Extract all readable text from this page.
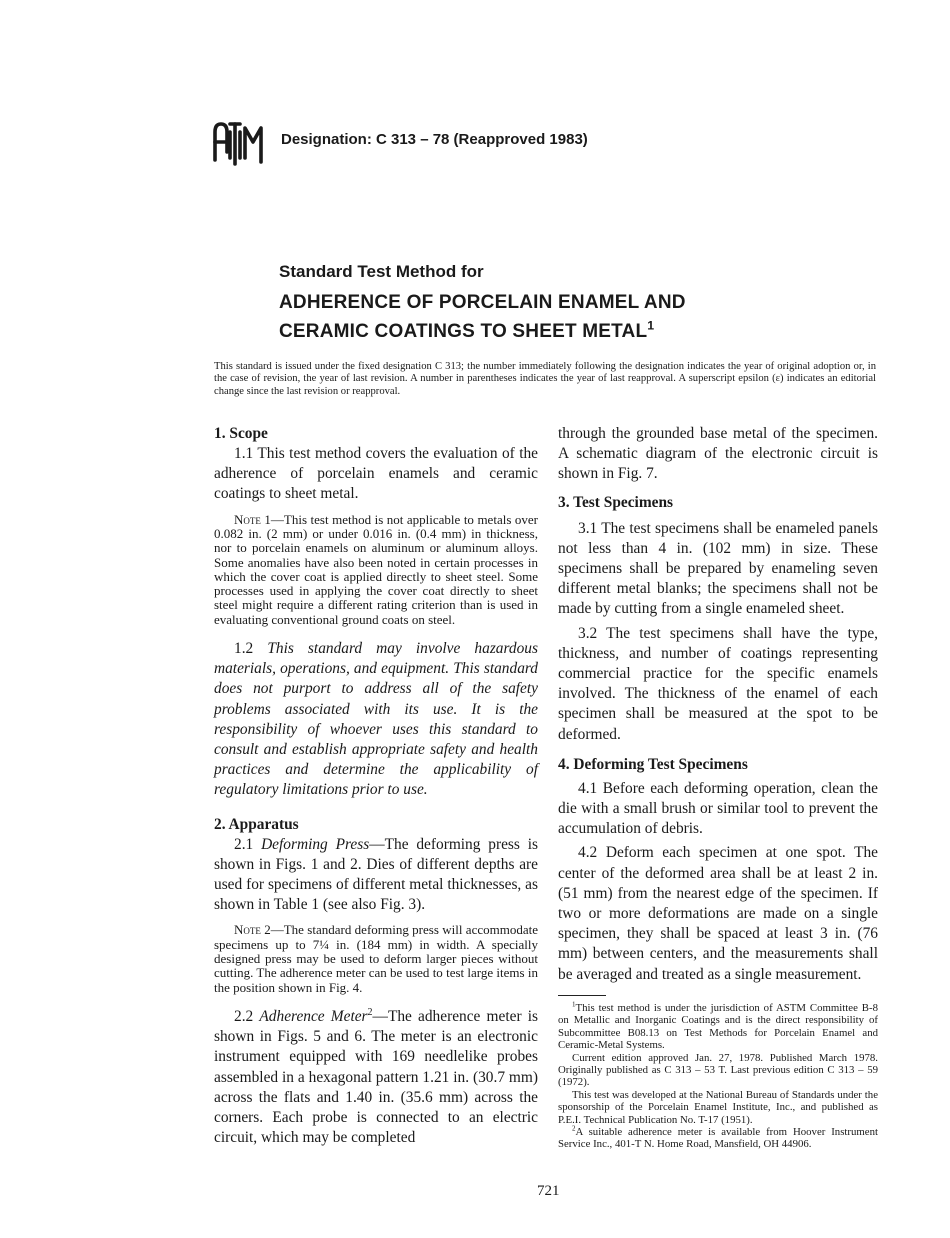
Designation: C 313 – 78 (Reapproved 1983)
Standard Test Method for
ADHERENCE OF PORCELAIN ENAMEL AND
CERAMIC COATINGS TO SHEET METAL$^1$
This standard is issued under the fixed designation C 313; the number immediately following the designation indicates the year of original adoption or, in the case of revision, the year of last revision. A number in parentheses indicates the year of last reapproval. A superscript epsilon (ε) indicates an editorial change since the last revision or reapproval.
1. Scope

1.1 This test method covers the evaluation of the adherence of porcelain enamels and ceramic coatings to sheet metal.

Note 1—This test method is not applicable to metals over 0.082 in. (2 mm) or under 0.016 in. (0.4 mm) in thickness, nor to porcelain enamels on aluminum or aluminum alloys. Some anomalies have also been noted in certain processes in which the cover coat is applied directly to sheet steel. Some processes used in applying the cover coat directly to sheet steel might require a different rating criterion than is used in evaluating conventional ground coats on steel.

1.2 This standard may involve hazardous materials, operations, and equipment. This standard does not purport to address all of the safety problems associated with its use. It is the responsibility of whoever uses this standard to consult and establish appropriate safety and health practices and determine the applicability of regulatory limitations prior to use.

2. Apparatus

2.1 Deforming Press—The deforming press is shown in Figs. 1 and 2. Dies of different depths are used for specimens of different metal thicknesses, as shown in Table 1 (see also Fig. 3).

Note 2—The standard deforming press will accommodate specimens up to 7¼ in. (184 mm) in width. A specially designed press may be used to deform larger pieces without cutting. The adherence meter can be used to test large items in the position shown in Fig. 4.

2.2 Adherence Meter$^2$—The adherence meter is shown in Figs. 5 and 6. The meter is an electronic instrument equipped with 169 needlelike probes assembled in a hexagonal pattern 1.21 in. (30.7 mm) across the flats and 1.40 in. (35.6 mm) across the corners. Each probe is connected to an electric circuit, which may be completed

through the grounded base metal of the specimen. A schematic diagram of the electronic circuit is shown in Fig. 7.

3. Test Specimens

3.1 The test specimens shall be enameled panels not less than 4 in. (102 mm) in size. These specimens shall be prepared by enameling seven different metal blanks; the specimens shall not be made by cutting from a single enameled sheet.

3.2 The test specimens shall have the type, thickness, and number of coatings representing commercial practice for the specific enamels involved. The thickness of the enamel of each specimen shall be measured at the spot to be deformed.

4. Deforming Test Specimens

4.1 Before each deforming operation, clean the die with a small brush or similar tool to prevent the accumulation of debris.

4.2 Deform each specimen at one spot. The center of the deformed area shall be at least 2 in. (51 mm) from the nearest edge of the specimen. If two or more deformations are made on a single specimen, they shall be spaced at least 3 in. (76 mm) between centers, and the measurements shall be averaged and treated as a single measurement.

$^1$This test method is under the jurisdiction of ASTM Committee B-8 on Metallic and Inorganic Coatings and is the direct responsibility of Subcommittee B08.13 on Test Methods for Porcelain Enamel and Ceramic-Metal Systems.

Current edition approved Jan. 27, 1978. Published March 1978. Originally published as C 313 – 53 T. Last previous edition C 313 – 59 (1972).

This test was developed at the National Bureau of Standards under the sponsorship of the Porcelain Enamel Institute, Inc., and published as P.E.I. Technical Publication No. T-17 (1951).

$^2$A suitable adherence meter is available from Hoover Instrument Service Inc., 401-T N. Home Road, Mansfield, OH 44906.

721
